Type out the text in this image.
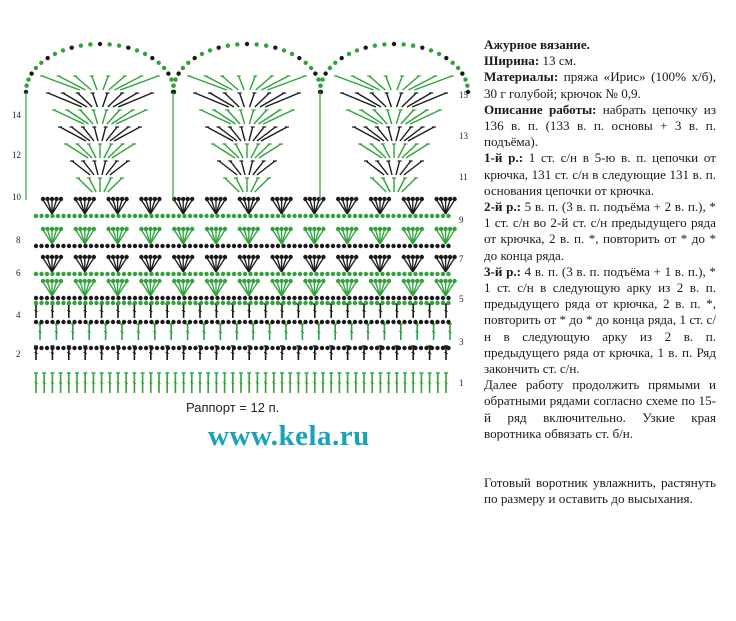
14
12
10
8
6
4
2
15
13
11
9
7
5
3
1
Раппорт = 12 п.
www.kela.ru

Ажурное вязание.

Ширина: 13 см.

Материалы: пряжа «Ирис» (100% х/б), 30 г голубой; крючок № 0,9.

Описание работы: набрать цепочку из 136 в. п. (133 в. п. основы + 3 в. п. подъёма).

1-й р.: 1 ст. с/н в 5-ю в. п. цепочки от крючка, 131 ст. с/н в следующие 131 в. п. основания цепочки от крючка.

2-й р.: 5 в. п. (3 в. п. подъёма + 2 в. п.), * 1 ст. с/н во 2-й ст. с/н предыдущего ряда от крючка, 2 в. п. *, повторить от * до * до конца ряда.

3-й р.: 4 в. п. (3 в. п. подъёма + 1 в. п.), * 1 ст. с/н в следующую арку из 2 в. п. предыдущего ряда от крючка, 2 в. п. *, повторить от * до * до конца ряда, 1 ст. с/н в следующую арку из 2 в. п. предыдущего ряда от крючка, 1 в. п. Ряд закончить ст. с/н.

Далее работу продолжить прямыми и обратными рядами согласно схеме по 15-й ряд включительно. Узкие края воротника обвязать ст. б/н.

Готовый воротник увлажнить, растянуть по размеру и оставить до высыхания.
